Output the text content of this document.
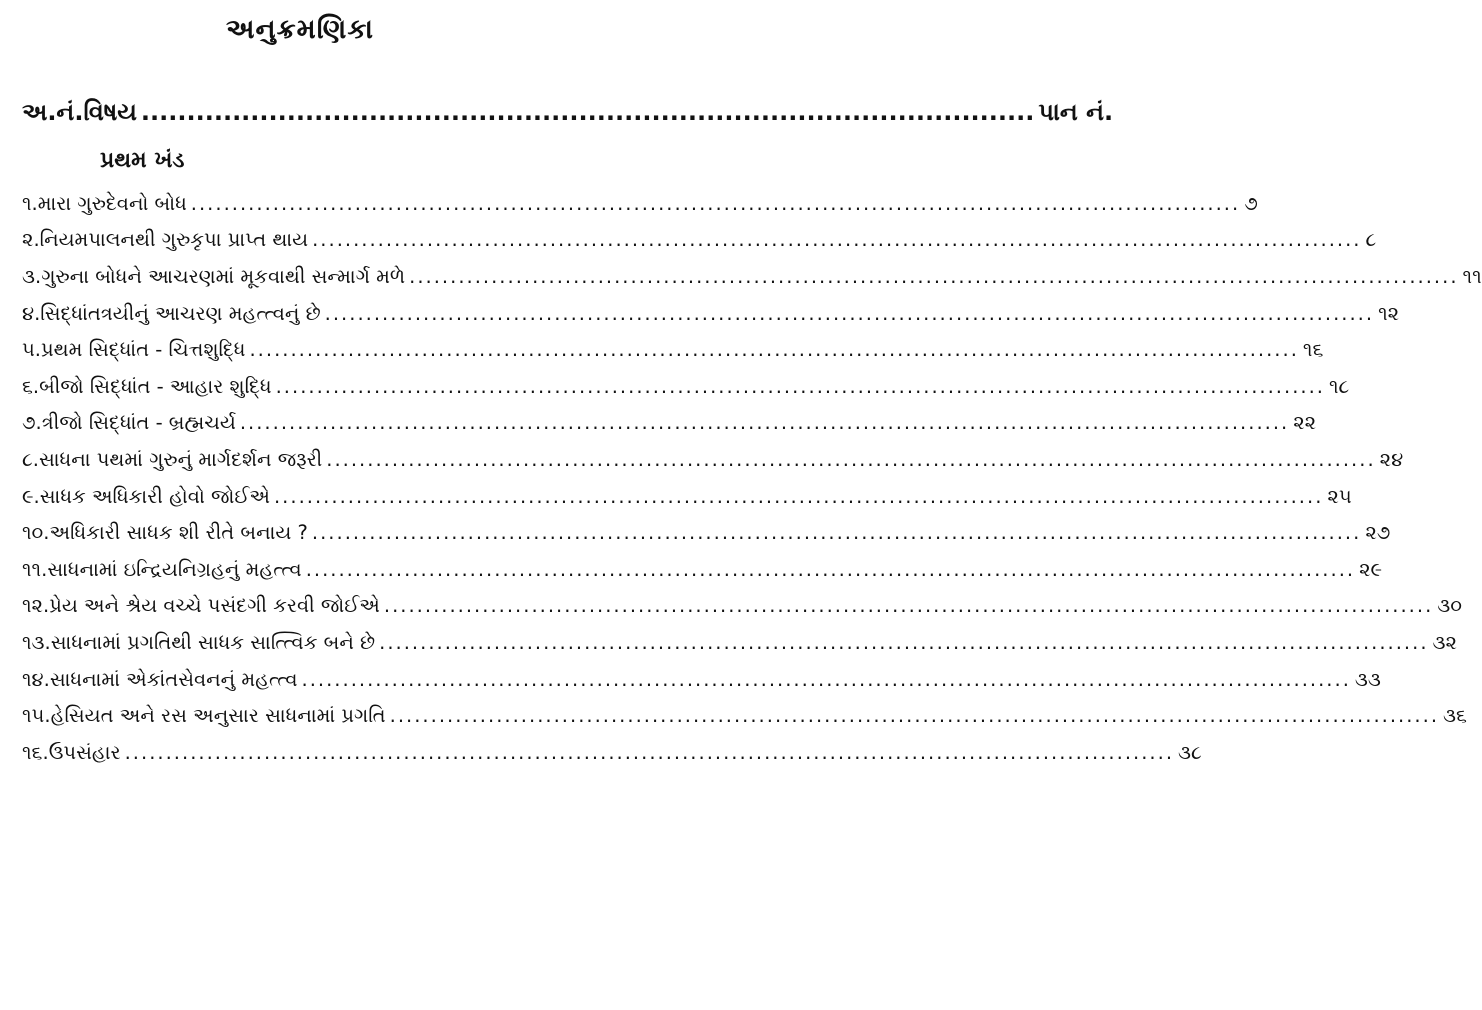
અનુક્રમણિકા
અ.નં. વિષય .................................................................................................. પાન નં.
પ્રથમ ખંડ
૧. મારા ગુરુદેવનો બોધ ................................................................................................................................ ૭
૨. નિયમપાલનથી ગુરુકૃપા પ્રાપ્ત થાય ................................................................................................................................ ૮
૩. ગુરુના બોધને આચરણમાં મૂકવાથી સન્માર્ગ મળે ................................................................................................................................ ૧૧
૪. સિદ્ધાંતત્રયીનું આચરણ મહત્ત્વનું છે ................................................................................................................................ ૧૨
૫. પ્રથમ સિદ્ધાંત - ચિત્તશુદ્ધિ ................................................................................................................................ ૧૬
૬. બીજો સિદ્ધાંત - આહાર શુદ્ધિ ................................................................................................................................ ૧૮
૭. ત્રીજો સિદ્ધાંત - બ્રહ્મચર્ય ................................................................................................................................ ૨૨
૮. સાધના પથમાં ગુરુનું માર્ગદર્શન જરૂરી ................................................................................................................................ ૨૪
૯. સાધક અધિકારી હોવો જોઈએ ................................................................................................................................ ૨૫
૧૦. અધિકારી સાધક શી રીતે બનાય ? ................................................................................................................................ ૨૭
૧૧. સાધનામાં ઇન્દ્રિયનિગ્રહનું મહત્ત્વ ................................................................................................................................ ૨૯
૧૨. પ્રેય અને શ્રેય વચ્ચે પસંદગી કરવી જોઈએ ................................................................................................................................ ૩૦
૧૩. સાધનામાં પ્રગતિથી સાધક સાત્ત્વિક બને છે ................................................................................................................................ ૩૨
૧૪. સાધનામાં એકાંતસેવનનું મહત્ત્વ ................................................................................................................................ ૩૩
૧૫. હેસિયત અને રસ અનુસાર સાધનામાં પ્રગતિ ................................................................................................................................ ૩૬
૧૬. ઉપસંહાર ................................................................................................................................ ૩૮
